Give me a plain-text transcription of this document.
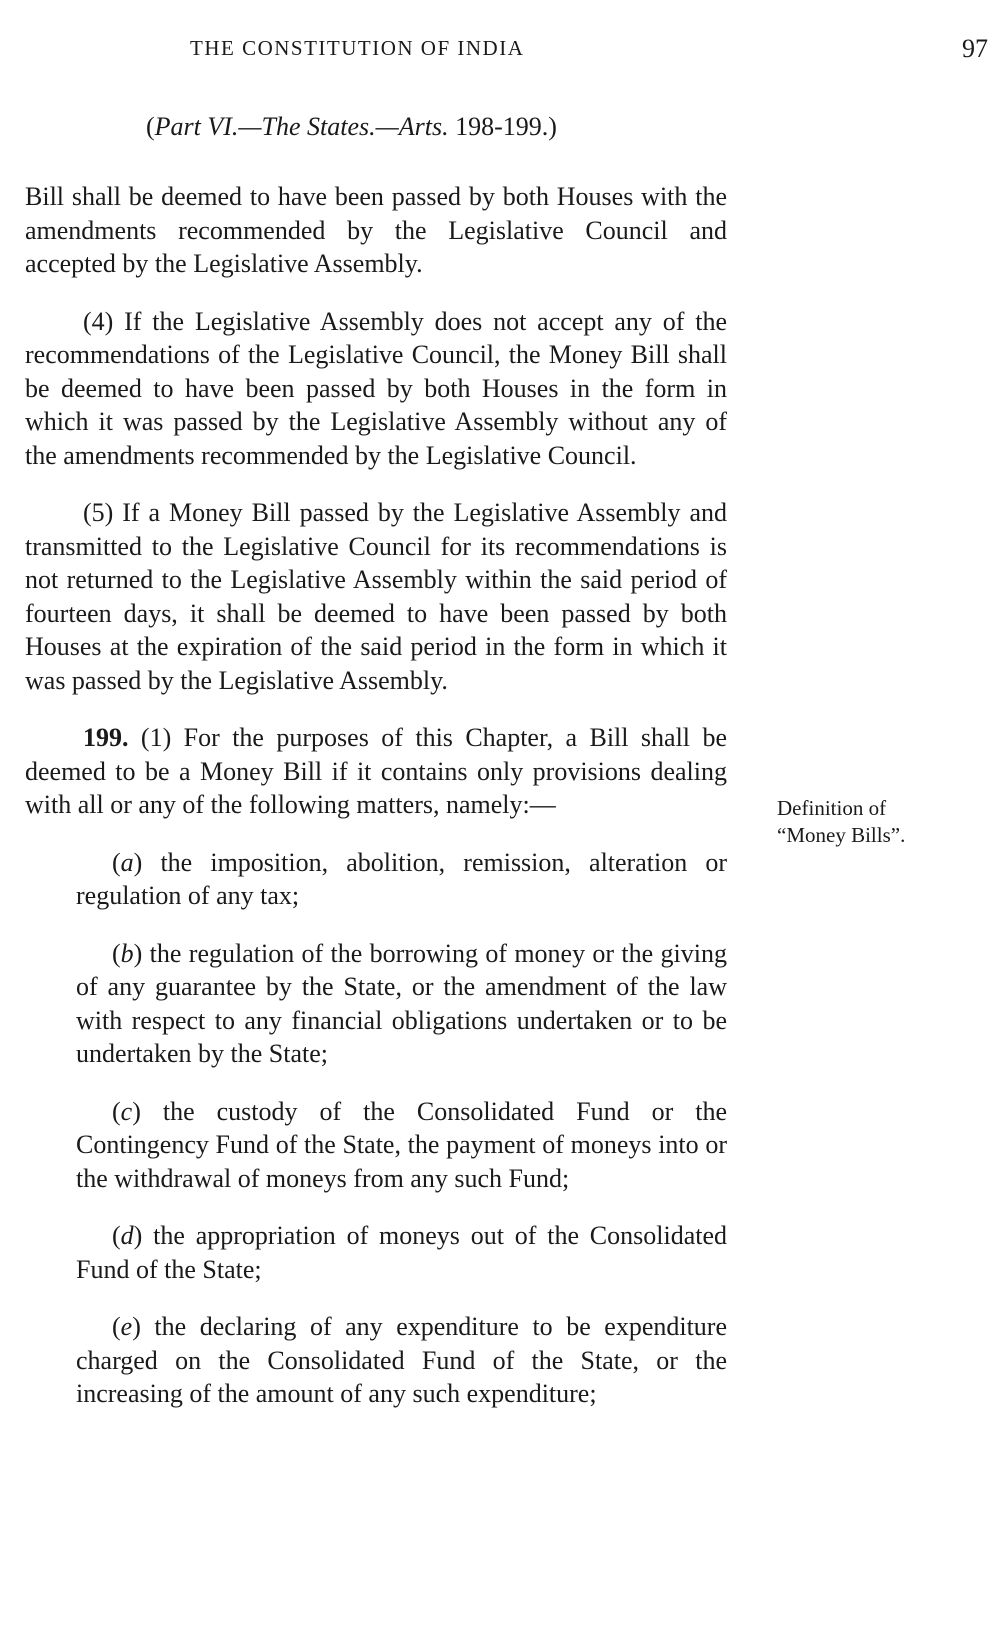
THE CONSTITUTION OF INDIA	97
(Part VI.—The States.—Arts. 198-199.)

Bill shall be deemed to have been passed by both Houses with the amendments recommended by the Legislative Council and accepted by the Legislative Assembly.

(4) If the Legislative Assembly does not accept any of the recommendations of the Legislative Council, the Money Bill shall be deemed to have been passed by both Houses in the form in which it was passed by the Legislative Assembly without any of the amendments recommended by the Legislative Council.

(5) If a Money Bill passed by the Legislative Assembly and transmitted to the Legislative Council for its recommendations is not returned to the Legislative Assembly within the said period of fourteen days, it shall be deemed to have been passed by both Houses at the expiration of the said period in the form in which it was passed by the Legislative Assembly.

199. (1) For the purposes of this Chapter, a Bill shall be deemed to be a Money Bill if it contains only provisions dealing with all or any of the following matters, namely:—

(a) the imposition, abolition, remission, alteration or regulation of any tax;

(b) the regulation of the borrowing of money or the giving of any guarantee by the State, or the amendment of the law with respect to any financial obligations undertaken or to be undertaken by the State;

(c) the custody of the Consolidated Fund or the Contingency Fund of the State, the payment of moneys into or the withdrawal of moneys from any such Fund;

(d) the appropriation of moneys out of the Consolidated Fund of the State;

(e) the declaring of any expenditure to be expenditure charged on the Consolidated Fund of the State, or the increasing of the amount of any such expenditure;

Definition of
“Money Bills”.
